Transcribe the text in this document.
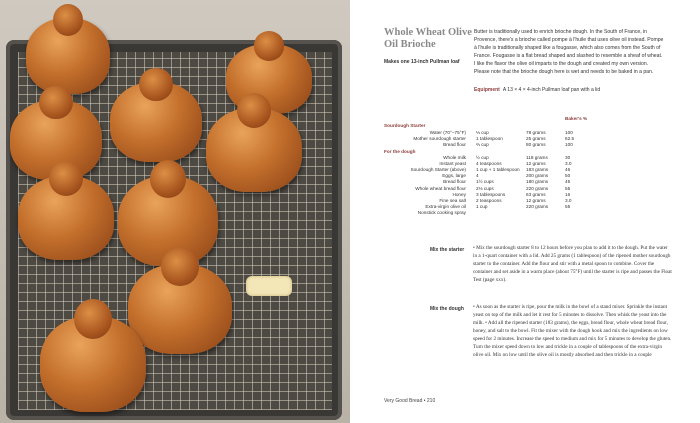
Whole Wheat Olive Oil Brioche
Makes one 13-inch Pullman loaf
Butter is traditionally used to enrich brioche dough. In the South of France, in Provence, there's a brioche called pompe à l'huile that uses olive oil instead. Pompe à l'huile is traditionally shaped like a fougasse, which also comes from the South of France. Fougasse is a flat bread shaped and slashed to resemble a sheaf of wheat. I like the flavor the olive oil imparts to the dough and created my own version. Please note that the brioche dough here is wet and needs to be baked in a pan.
Equipment A 13 × 4 × 4-inch Pullman loaf pan with a lid
Baker's %
Sourdough Starter
Water (70°–75°F) ⅓ cup	78 grams	100
Mother sourdough starter 1 tablespoon	25 grams	62.5
Bread flour ⅔ cup	80 grams	100
For the dough
Whole milk ½ cup	118 grams	30
Instant yeast 4 teaspoons	12 grams	3.0
Sourdough Starter (above) 1 cup + 1 tablespoon 183 grams	46
Eggs, large 4	200 grams	50
Bread flour 1½ cups	180 grams	45
Whole wheat bread flour 2⅓ cups	220 grams	55
Honey 3 tablespoons	63 grams	16
Fine sea salt 2 teaspoons	12 grams	3.0
Extra-virgin olive oil 1 cup	220 grams	55
Nonstick cooking spray
Mix the starter	• Mix the sourdough starter 8 to 12 hours before you plan to add it to the dough. Put the water in a 1-quart container with a lid. Add 25 grams (1 tablespoon) of the ripened mother sourdough starter to the container. Add the flour and stir with a metal spoon to combine. Cover the container and set aside in a warm place (about 75°F) until the starter is ripe and passes the Float Test (page xxx).
Mix the dough	• As soon as the starter is ripe, pour the milk in the bowl of a stand mixer. Sprinkle the instant yeast on top of the milk and let it rest for 5 minutes to dissolve. Then whisk the yeast into the milk. • Add all the ripened starter (183 grams), the eggs, bread flour, whole wheat bread flour, honey, and salt to the bowl. Fit the mixer with the dough hook and mix the ingredients on low speed for 2 minutes. Increase the speed to medium and mix for 5 minutes to develop the gluten. Turn the mixer speed down to low and trickle in a couple of tablespoons of the extra-virgin olive oil. Mix on low until the olive oil is mostly absorbed and then trickle in a couple
Very Good Bread • 210
